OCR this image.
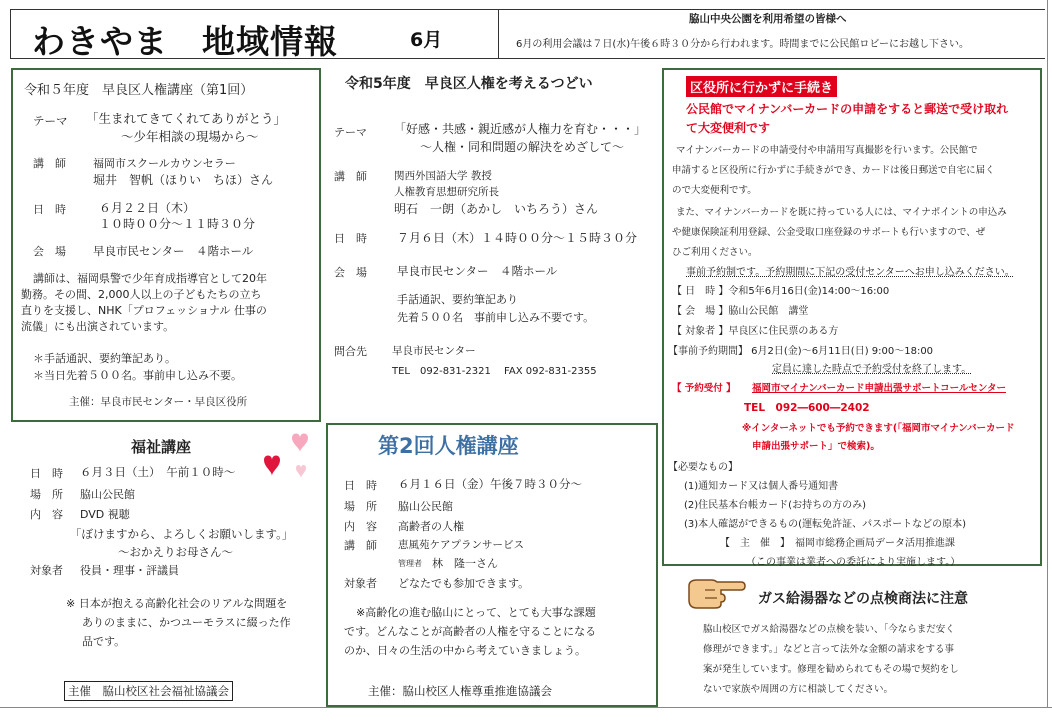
わきやま　地域情報	6月
脇山中央公園を利用希望の皆様へ
6月の利用会議は７日(水)午後６時３０分から行われます。時間までに公民館ロビーにお越し下さい。
令和５年度　早良区人権講座（第1回）
テーマ 「生まれてきてくれてありがとう」
～少年相談の現場から～
講　師 福岡市スクールカウンセラー
堀井　智帆（ほりい　ちほ）さん
日　時	６月２２日（木）
１０時００分～１１時３０分
会　場 早良市民センター　４階ホール
講師は、福岡県警で少年育成指導官として20年
勤務。その間、2,000人以上の子どもたちの立ち
直りを支援し、NHK「プロフェッショナル 仕事の
流儀」にも出演されています。
＊手話通訳、要約筆記あり。
＊当日先着５００名。事前申し込み不要。
主催：早良市民センター・早良区役所
令和5年度　早良区人権を考えるつどい
テーマ 「好感・共感・親近感が人権力を育む・・・」
～人権・同和問題の解決をめざして～
講　師	関西外国語大学 教授
人権教育思想研究所長
明石　一朗（あかし　いちろう）さん
日　時	７月６日（木）１４時００分～１５時３０分
会　場	早良市民センター　４階ホール
手話通訳、要約筆記あり
先着５００名　事前申し込み不要です。
問合先 早良市民センター
TEL　092-831-2321　 FAX 092-831-2355
区役所に行かずに手続き
公民館でマイナンバーカードの申請をすると郵送で受け取れ
て大変便利です
マイナンバーカードの申請受付や申請用写真撮影を行います。公民館で
申請すると区役所に行かずに手続きができ、カードは後日郵送で自宅に届く
ので大変便利です。
また、マイナンバーカードを既に持っている人には、マイナポイントの申込み
や健康保険証利用登録、公金受取口座登録のサポートも行いますので、ぜ
ひご利用ください。
事前予約制です。予約期間に下記の受付センターへお申し込みください。
【 日　時 】令和5年6月16日(金)14:00～16:00
【 会　場 】脇山公民館　講堂
【 対象者 】早良区に住民票のある方
【事前予約期間】 6月2日(金)～6月11日(日) 9:00～18:00
定員に達した時点で予約受付を終了します。
【 予約受付 】 福岡市マイナンバーカード申請出張サポートコールセンター
TEL　092―600―2402
※インターネットでも予約できます(「福岡市マイナンバーカード
申請出張サポート」で検索)。
【必要なもの】
(1)通知カード又は個人番号通知書
(2)住民基本台帳カード(お持ちの方のみ)
(3)本人確認ができるもの(運転免許証、パスポートなどの原本)
【　主　催　】　福岡市総務企画局データ活用推進課
（この事業は業者への委託により実施します。）
福祉講座
日　時 ６月３日（土）　午前１０時～
場　所 脇山公民館
内　容 DVD 視聴
「ぼけますから、よろしくお願いします。」
～おかえりお母さん～
対象者 役員・理事・評議員
※ 日本が抱える高齢化社会のリアルな問題を
ありのままに、かつユーモラスに綴った作
品です。
主催　脇山校区社会福祉協議会
第2回人権講座
日　時 ６月１６日（金）午後７時３０分～
場　所 脇山公民館
内　容 高齢者の人権
講　師 恵風苑ケアプランサービス
管理者 林　隆一さん
対象者 どなたでも参加できます。
※高齢化の進む脇山にとって、とても大事な課題
です。どんなことが高齢者の人権を守ることになる
のか、日々の生活の中から考えていきましょう。
主催：脇山校区人権尊重推進協議会
ガス給湯器などの点検商法に注意
脇山校区でガス給湯器などの点検を装い、「今ならまだ安く
修理ができます。」などと言って法外な金額の請求をする事
案が発生しています。修理を勧められてもその場で契約をし
ないで家族や周囲の方に相談してください。
